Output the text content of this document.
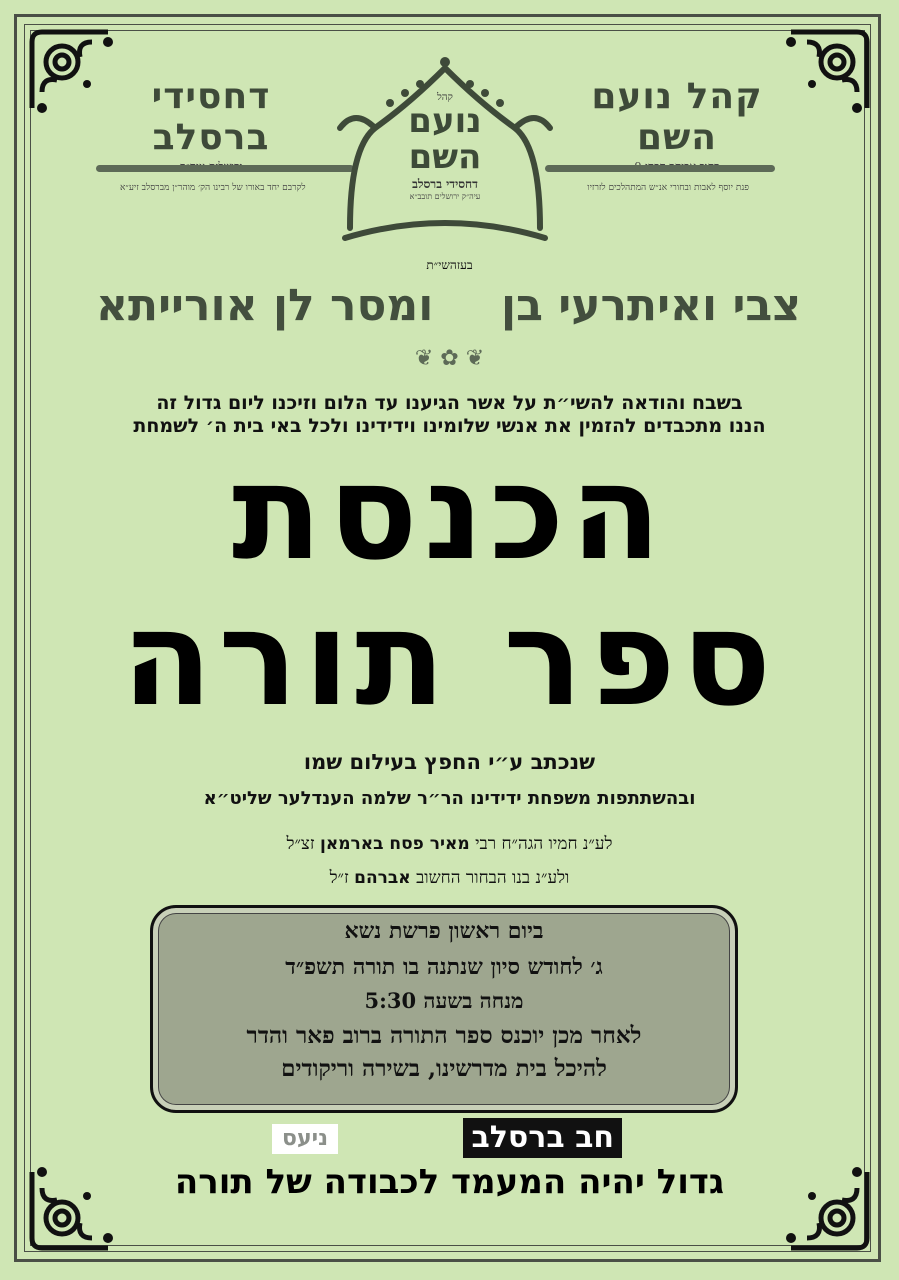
קהל נועם השם
פנת יוסף לאבות ובחורי אנ״ש המתהלכים לזרזיו
דחסידי ברסלב
לקרבם יחד באורו של רבינו הק׳ מוהר״ן מברסלב זיע״א
קהל
נועם
השם
דחסידי ברסלב
עיה״ק ירושלים תובב״א
בעזהשי״ת
צבי ואיתרעי בן
ומסר לן אורייתא
❦ ✿ ❦
בשבח והודאה להשי״ת על אשר הגיענו עד הלום וזיכנו ליום גדול זה
הננו מתכבדים להזמין את אנשי שלומינו וידידינו ולכל באי בית ה׳ לשמחת
הכנסת
ספר תורה
שנכתב ע״י החפץ בעילום שמו
ובהשתתפות משפחת ידידינו הר״ר שלמה הענדלער שליט״א
לע״נ חמיו הגה״ח רבי מאיר פסח בארמאן זצ״ל
ולע״נ בנו הבחור החשוב אברהם ז״ל
ביום ראשון פרשת נשא
ג׳ לחודש סיון שנתנה בו תורה תשפ״ד
מנחה בשעה 5:30
לאחר מכן יוכנס ספר התורה ברוב פאר והדר
להיכל בית מדרשינו, בשירה וריקודים
חב ברסלב
ניעס
גדול יהיה המעמד לכבודה של תורה
